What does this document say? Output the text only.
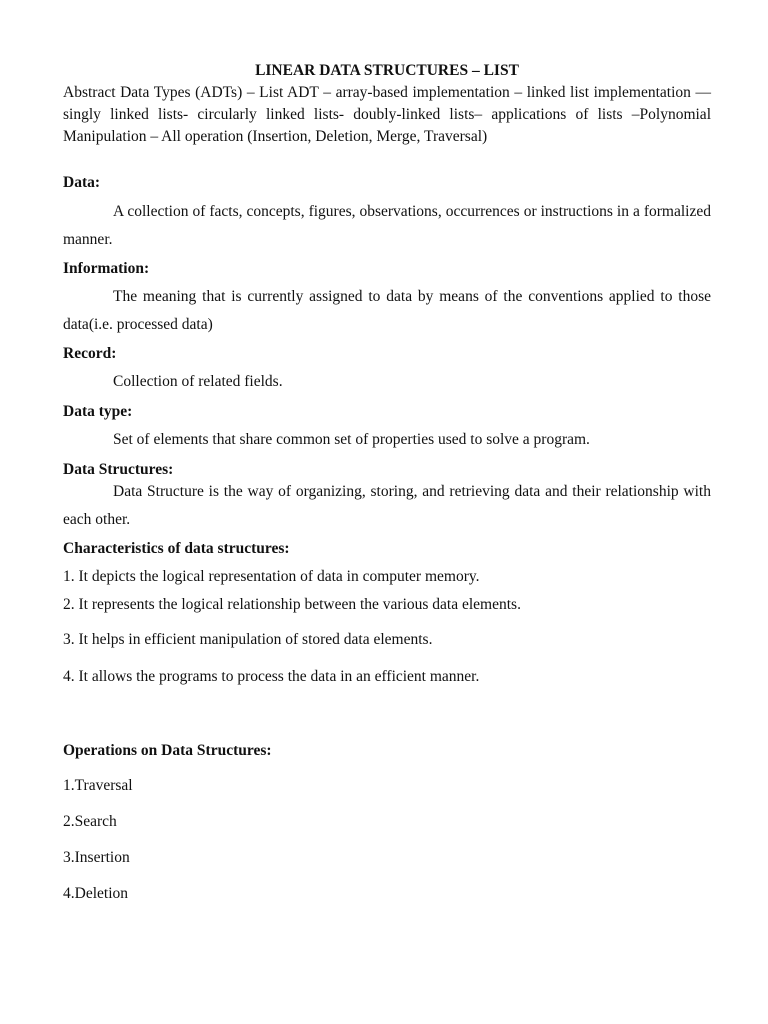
LINEAR DATA STRUCTURES – LIST

Abstract Data Types (ADTs) – List ADT – array-based implementation – linked list implementation —singly linked lists- circularly linked lists- doubly-linked lists– applications of lists –Polynomial Manipulation – All operation (Insertion, Deletion, Merge, Traversal)

Data:

A collection of facts, concepts, figures, observations, occurrences or instructions in a formalized manner.

Information:

The meaning that is currently assigned to data by means of the conventions applied to those data(i.e. processed data)

Record:

Collection of related fields.

Data type:

Set of elements that share common set of properties used to solve a program.

Data Structures:

Data Structure is the way of organizing, storing, and retrieving data and their relationship with each other.

Characteristics of data structures:

1. It depicts the logical representation of data in computer memory.

2. It represents the logical relationship between the various data elements.

3. It helps in efficient manipulation of stored data elements.

4. It allows the programs to process the data in an efficient manner.

Operations on Data Structures:

1.Traversal

2.Search

3.Insertion

4.Deletion
